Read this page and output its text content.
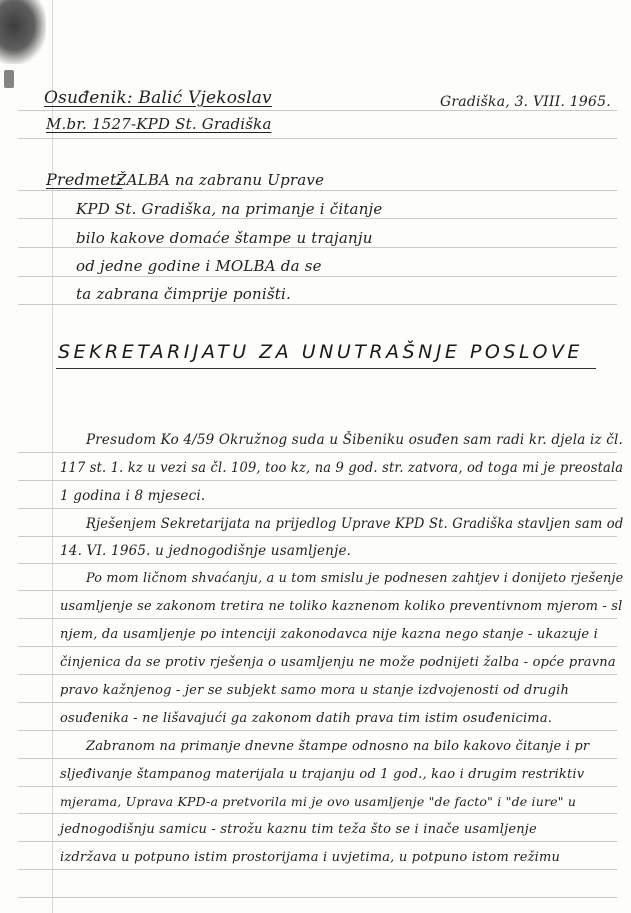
Osuđenik: Balić Vjekoslav
M.br. 1527-KPD St. Gradiška
Gradiška, 3. VIII. 1965.
Predmet:
ŽALBA na zabranu Uprave
KPD St. Gradiška, na primanje i čitanje
bilo kakove domaće štampe u trajanju
od jedne godine i MOLBA da se
ta zabrana čimprije poništi.
SEKRETARIJATU ZA UNUTRAŠNJE POSLOVE
Presudom Ko 4/59 Okružnog suda u Šibeniku osuđen sam radi kr. djela iz čl.
117 st. 1. kz u vezi sa čl. 109, too kz, na 9 god. str. zatvora, od toga mi je preostala
1 godina i 8 mjeseci.
Rješenjem Sekretarijata na prijedlog Uprave KPD St. Gradiška stavljen sam od
14. VI. 1965. u jednogodišnje usamljenje.
Po mom ličnom shvaćanju, a u tom smislu je podnesen zahtjev i donijeto rješenje
usamljenje se zakonom tretira ne toliko kaznenom koliko preventivnom mjerom - sl
njem, da usamljenje po intenciji zakonodavca nije kazna nego stanje - ukazuje i
činjenica da se protiv rješenja o usamljenju ne može podnijeti žalba - opće pravna
pravo kažnjenog - jer se subjekt samo mora u stanje izdvojenosti od drugih
osuđenika - ne lišavajući ga zakonom datih prava tim istim osuđenicima.
Zabranom na primanje dnevne štampe odnosno na bilo kakovo čitanje i pr
sljeđivanje štampanog materijala u trajanju od 1 god., kao i drugim restriktiv
mjerama, Uprava KPD-a pretvorila mi je ovo usamljenje "de facto" i "de iure" u
jednogodišnju samicu - strožu kaznu tim teža što se i inače usamljenje
izdržava u potpuno istim prostorijama i uvjetima, u potpuno istom režimu
